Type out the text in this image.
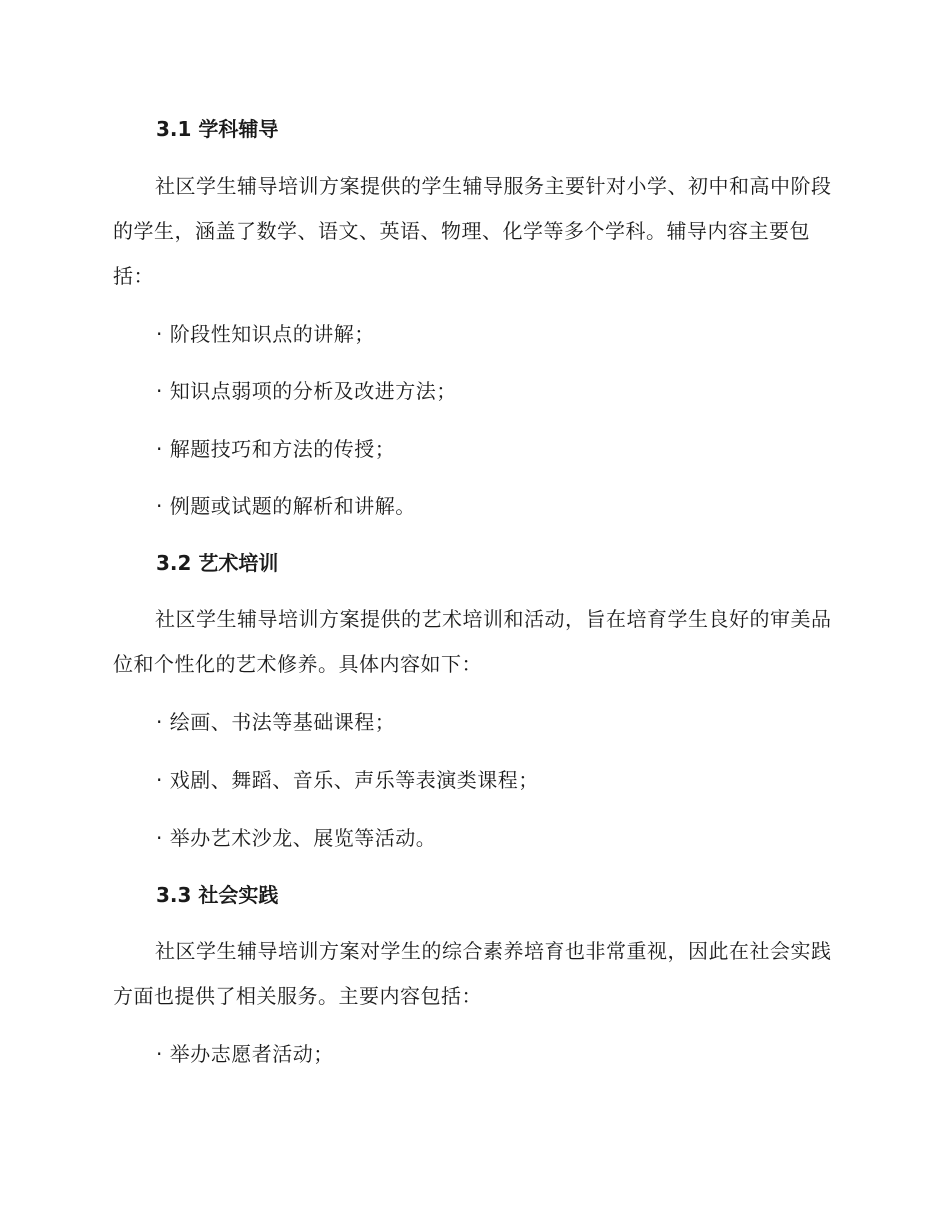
3.1 学科辅导
社区学生辅导培训方案提供的学生辅导服务主要针对小学、初中和高中阶段的学生，涵盖了数学、语文、英语、物理、化学等多个学科。辅导内容主要包括：
· 阶段性知识点的讲解；
· 知识点弱项的分析及改进方法；
· 解题技巧和方法的传授；
· 例题或试题的解析和讲解。
3.2 艺术培训
社区学生辅导培训方案提供的艺术培训和活动，旨在培育学生良好的审美品位和个性化的艺术修养。具体内容如下：
· 绘画、书法等基础课程；
· 戏剧、舞蹈、音乐、声乐等表演类课程；
· 举办艺术沙龙、展览等活动。
3.3 社会实践
社区学生辅导培训方案对学生的综合素养培育也非常重视，因此在社会实践方面也提供了相关服务。主要内容包括：
· 举办志愿者活动；
